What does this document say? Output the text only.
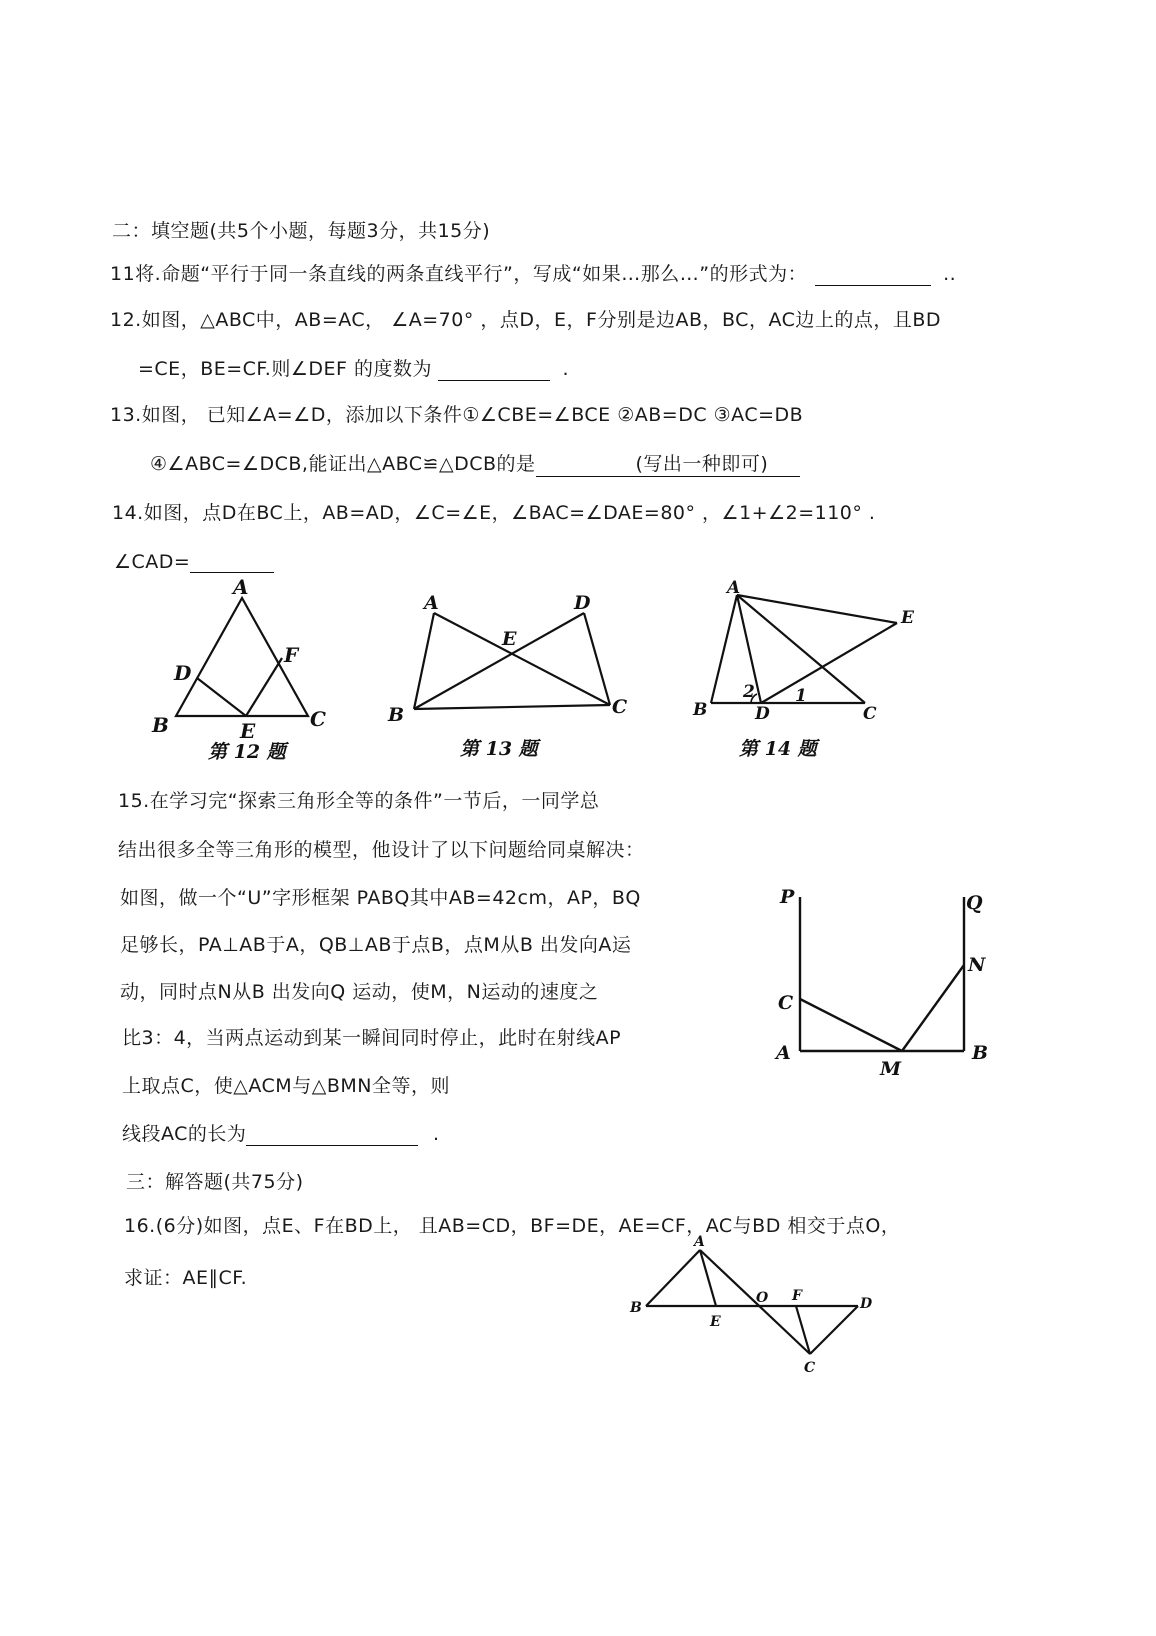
二：填空题(共5个小题，每题3分，共15分)
11将.命题“平行于同一条直线的两条直线平行”，写成“如果…那么…”的形式为：	..
12.如图，△ABC中，AB=AC， ∠A=70° ，点D，E，F分别是边AB，BC，AC边上的点，且BD
=CE，BE=CF.则∠DEF 的度数为	.
13.如图， 已知∠A=∠D，添加以下条件①∠CBE=∠BCE ②AB=DC ③AC=DB
④∠ABC=∠DCB,能证出△ABC≌△DCB的是	(写出一种即可)
14.如图，点D在BC上，AB=AD，∠C=∠E，∠BAC=∠DAE=80° ，∠1+∠2=110° .
∠CAD=
A
B	C
D
E
F
第 12 题
A
B	C
D
E
第 13 题
A
B	C
D
E
1
2
第 14 题
15.在学习完“探索三角形全等的条件”一节后，一同学总
结出很多全等三角形的模型，他设计了以下问题给同桌解决：
如图，做一个“U”字形框架 PABQ其中AB=42cm，AP，BQ
足够长，PA⊥AB于A，QB⊥AB于点B，点M从B 出发向A运
动，同时点N从B 出发向Q 运动，使M，N运动的速度之
比3：4，当两点运动到某一瞬间同时停止，此时在射线AP
上取点C，使△ACM与△BMN全等，则
线段AC的长为	.
P	Q
C
A	B
M
N
三：解答题(共75分)
16.(6分)如图，点E、F在BD上， 且AB=CD，BF=DE，AE=CF，AC与BD 相交于点O，
求证：AE∥CF.
A
B
E
O F	D
C
